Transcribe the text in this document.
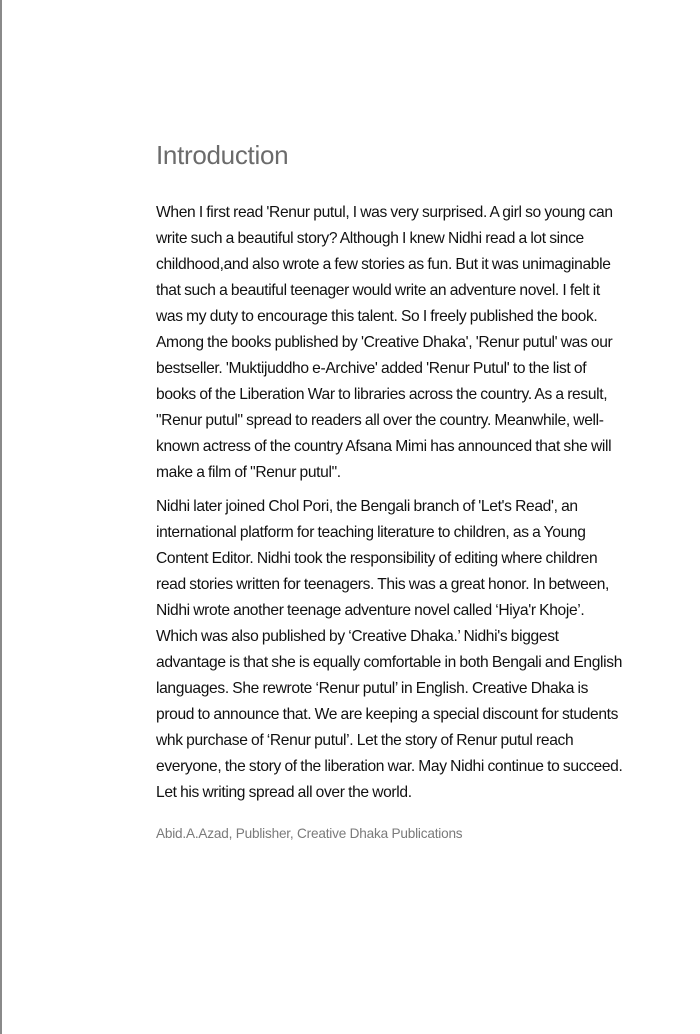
Introduction

When I first read 'Renur putul, I was very surprised. A girl so young can write such a beautiful story? Although I knew Nidhi read a lot since childhood,and also wrote a few stories as fun. But it was unimaginable that such a beautiful teenager would write an adventure novel. I felt it was my duty to encourage this talent. So I freely published the book. Among the books published by 'Creative Dhaka', 'Renur putul' was our bestseller. 'Muktijuddho e-Archive' added 'Renur Putul' to the list of books of the Liberation War to libraries across the country. As a result, "Renur putul" spread to readers all over the country. Meanwhile, well-known actress of the country Afsana Mimi has announced that she will make a film of "Renur putul".

Nidhi later joined Chol Pori, the Bengali branch of 'Let's Read', an international platform for teaching literature to children, as a Young Content Editor. Nidhi took the responsibility of editing where children read stories written for teenagers. This was a great honor. In between, Nidhi wrote another teenage adventure novel called ‘Hiya'r Khoje’. Which was also published by ‘Creative Dhaka.’ Nidhi's biggest advantage is that she is equally comfortable in both Bengali and English languages. She rewrote ‘Renur putul’ in English. Creative Dhaka is proud to announce that. We are keeping a special discount for students whk purchase of ‘Renur putul’. Let the story of Renur putul reach everyone, the story of the liberation war. May Nidhi continue to succeed. Let his writing spread all over the world.

Abid.A.Azad, Publisher, Creative Dhaka Publications
